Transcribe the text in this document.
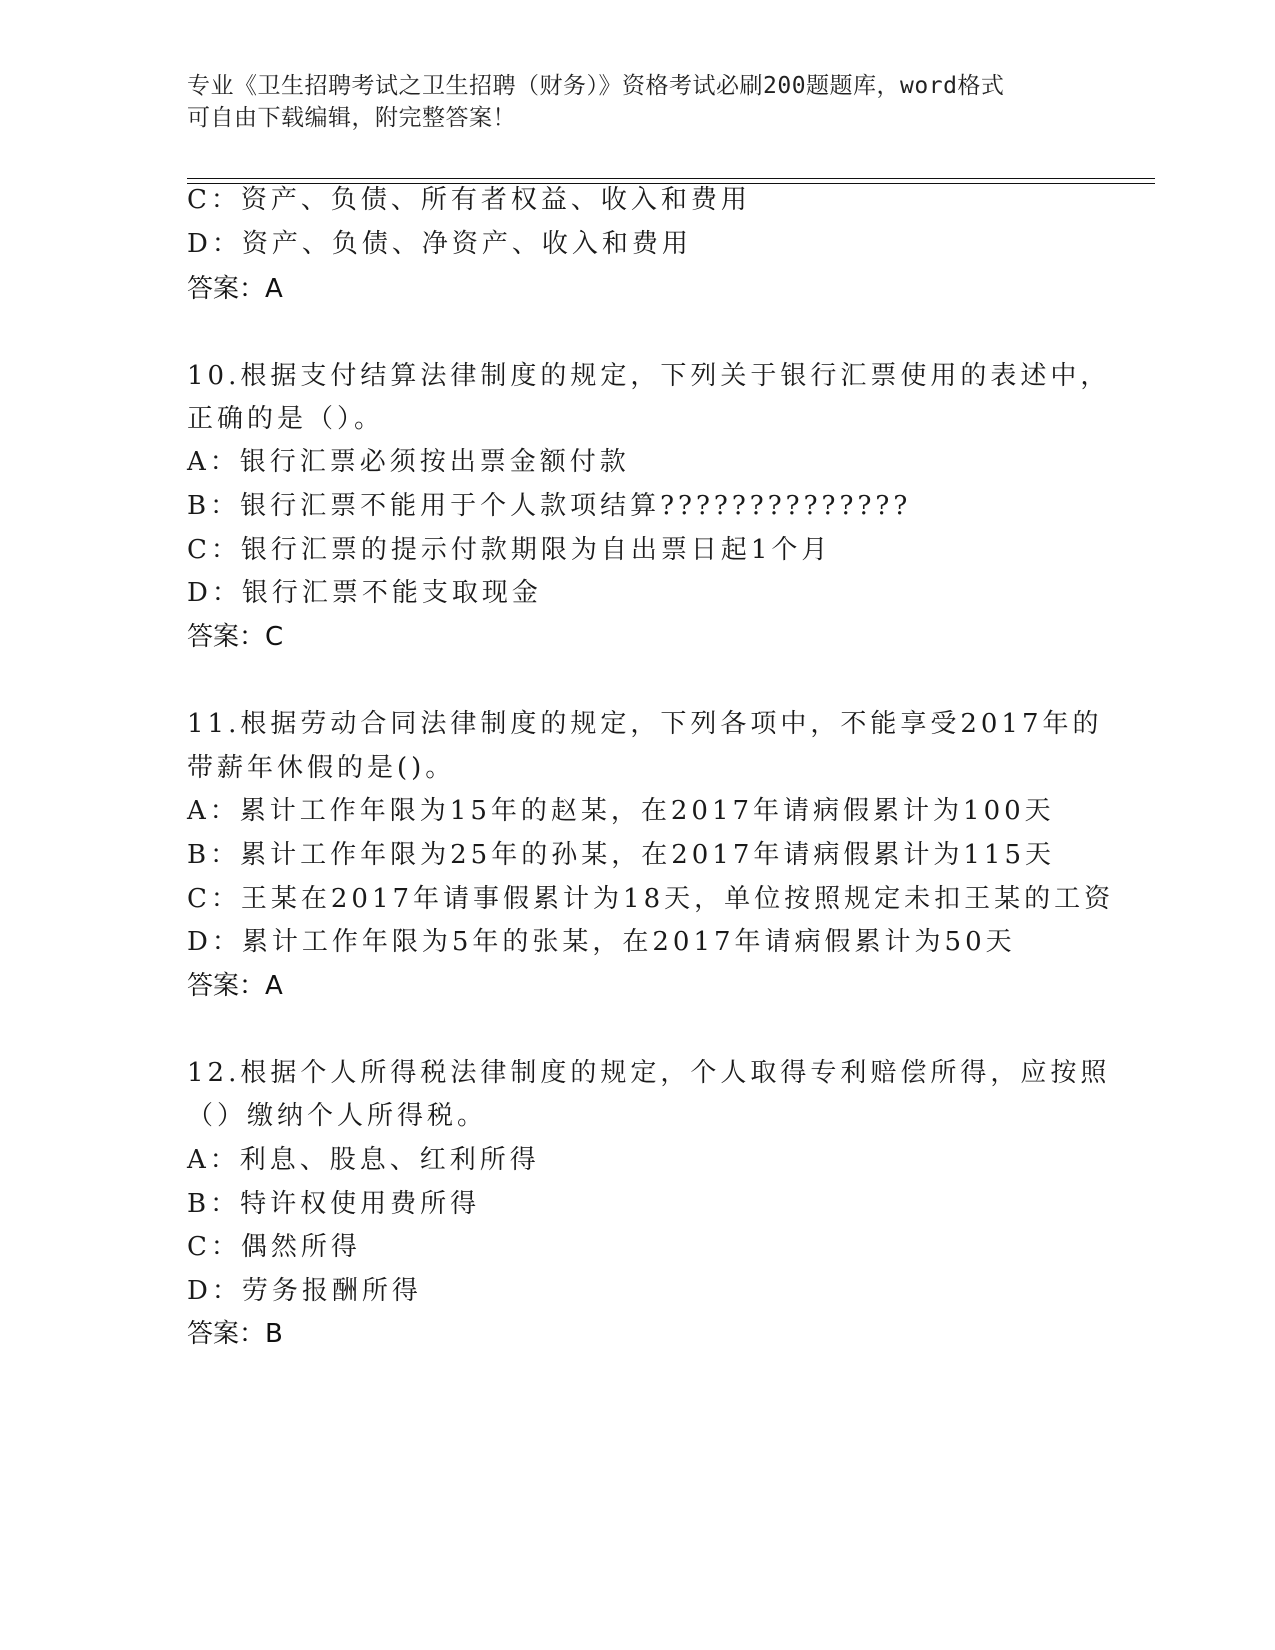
专业《卫生招聘考试之卫生招聘（财务）》资格考试必刷200题题库，word格式
可自由下载编辑，附完整答案！
C：资产、负债、所有者权益、收入和费用
D：资产、负债、净资产、收入和费用
答案：A
10.根据支付结算法律制度的规定，下列关于银行汇票使用的表述中，
正确的是（）。
A：银行汇票必须按出票金额付款
B：银行汇票不能用于个人款项结算??????????????
C：银行汇票的提示付款期限为自出票日起1个月
D：银行汇票不能支取现金
答案：C
11.根据劳动合同法律制度的规定，下列各项中，不能享受2017年的
带薪年休假的是()。
A：累计工作年限为15年的赵某，在2017年请病假累计为100天
B：累计工作年限为25年的孙某，在2017年请病假累计为115天
C：王某在2017年请事假累计为18天，单位按照规定未扣王某的工资
D：累计工作年限为5年的张某，在2017年请病假累计为50天
答案：A
12.根据个人所得税法律制度的规定，个人取得专利赔偿所得，应按照
（）缴纳个人所得税。
A：利息、股息、红利所得
B：特许权使用费所得
C：偶然所得
D：劳务报酬所得
答案：B
